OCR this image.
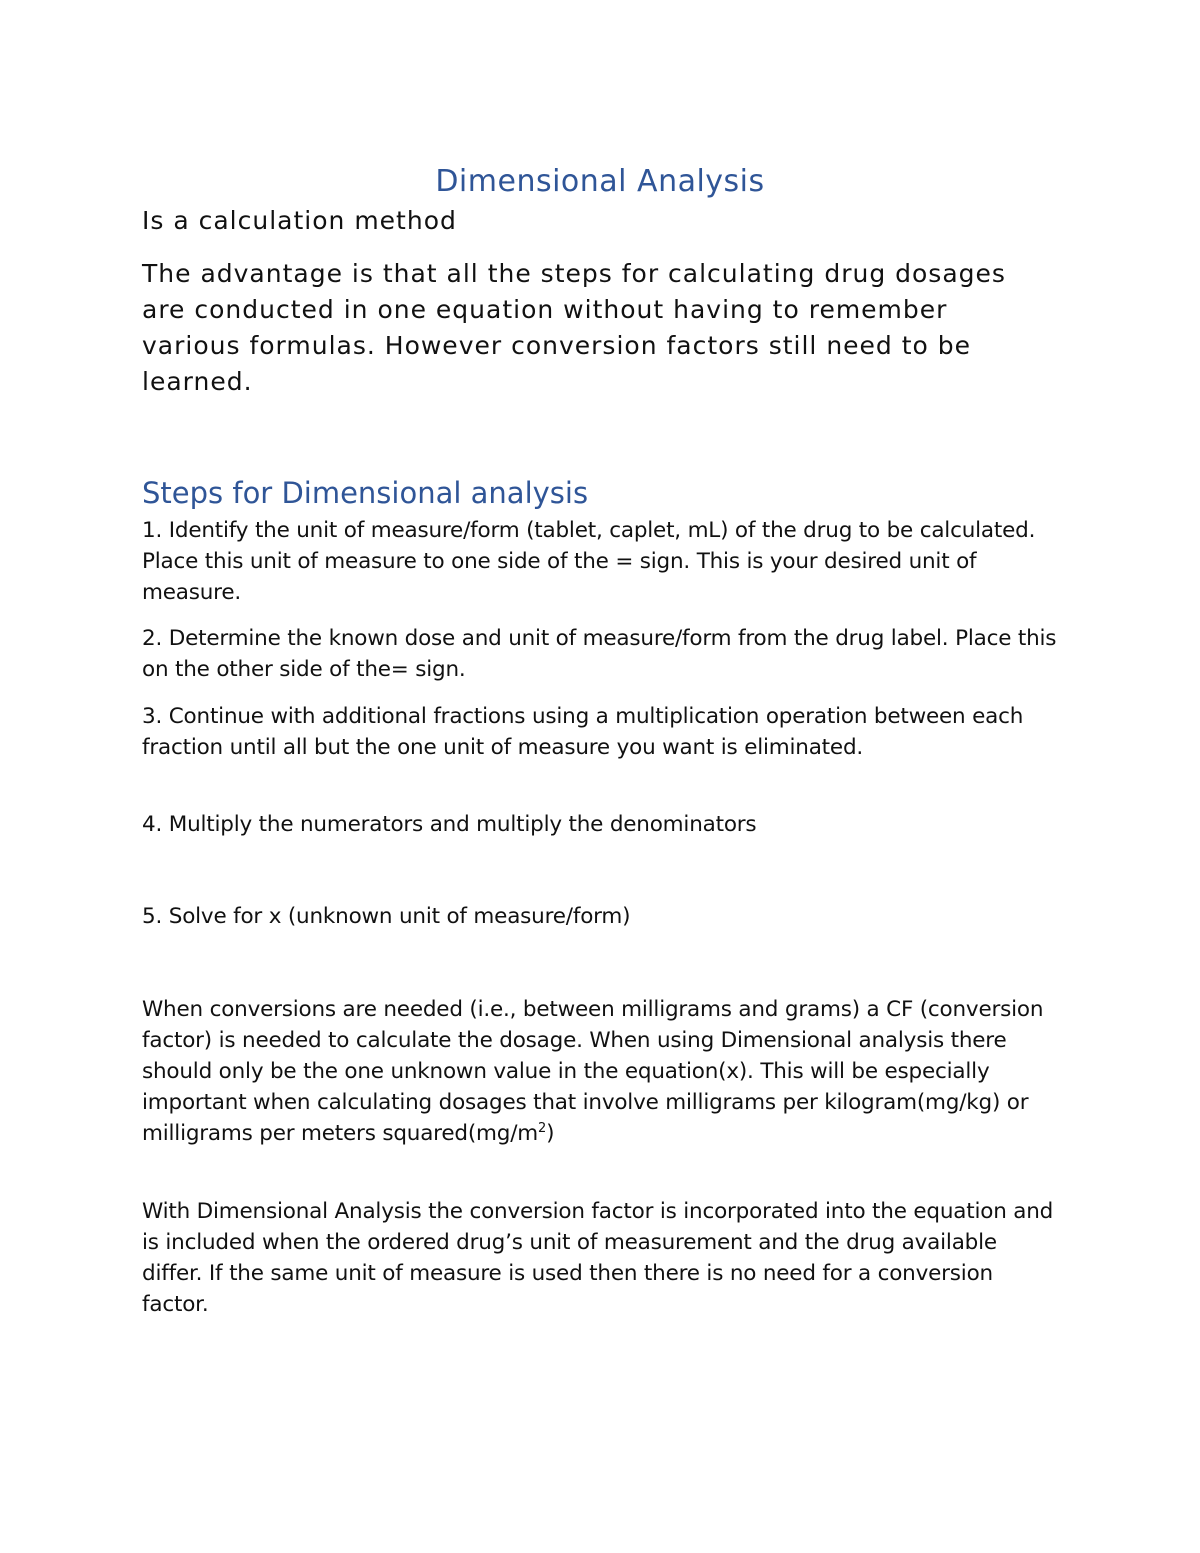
Dimensional Analysis

Is a calculation method

The advantage is that all the steps for calculating drug dosages are conducted in one equation without having to remember various formulas. However conversion factors still need to be learned.

Steps for Dimensional analysis

1. Identify the unit of measure/form (tablet, caplet, mL) of the drug to be calculated. Place this unit of measure to one side of the = sign. This is your desired unit of measure.

2. Determine the known dose and unit of measure/form from the drug label. Place this on the other side of the= sign.

3. Continue with additional fractions using a multiplication operation between each fraction until all but the one unit of measure you want is eliminated.

4. Multiply the numerators and multiply the denominators

5. Solve for x (unknown unit of measure/form)

When conversions are needed (i.e., between milligrams and grams) a CF (conversion factor) is needed to calculate the dosage. When using Dimensional analysis there should only be the one unknown value in the equation(x). This will be especially important when calculating dosages that involve milligrams per kilogram(mg/kg) or milligrams per meters $squared(mg/m^2)$

With Dimensional Analysis the conversion factor is incorporated into the equation and is included when the ordered drug’s unit of measurement and the drug available differ. If the same unit of measure is used then there is no need for a conversion factor.
